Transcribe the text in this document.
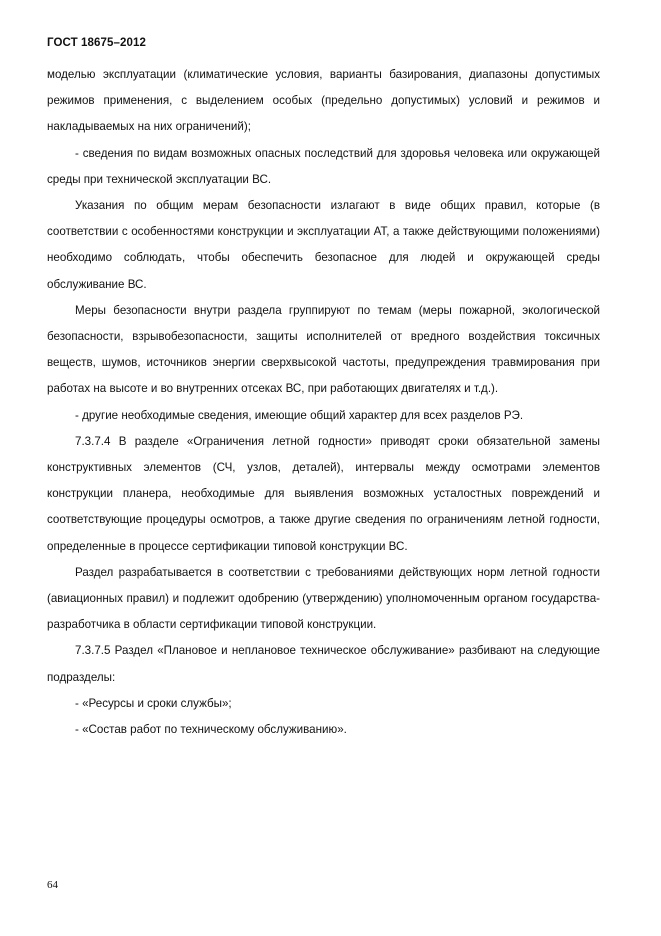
ГОСТ 18675–2012

моделью эксплуатации (климатические условия, варианты базирования, диапазоны допустимых режимов применения, с выделением особых (предельно допустимых) условий и режимов и накладываемых на них ограничений);

- сведения по видам возможных опасных последствий для здоровья человека или окружающей среды при технической эксплуатации ВС.

Указания по общим мерам безопасности излагают в виде общих правил, которые (в соответствии с особенностями конструкции и эксплуатации АТ, а также действующими положениями) необходимо соблюдать, чтобы обеспечить безопасное для людей и окружающей среды обслуживание ВС.

Меры безопасности внутри раздела группируют по темам (меры пожарной, экологической безопасности, взрывобезопасности, защиты исполнителей от вредного воздействия токсичных веществ, шумов, источников энергии сверхвысокой частоты, предупреждения травмирования при работах на высоте и во внутренних отсеках ВС, при работающих двигателях и т.д.).

- другие необходимые сведения, имеющие общий характер для всех разделов РЭ.

7.3.7.4 В разделе «Ограничения летной годности» приводят сроки обязательной замены конструктивных элементов (СЧ, узлов, деталей), интервалы между осмотрами элементов конструкции планера, необходимые для выявления возможных усталостных повреждений и соответствующие процедуры осмотров, а также другие сведения по ограничениям летной годности, определенные в процессе сертификации типовой конструкции ВС.

Раздел разрабатывается в соответствии с требованиями действующих норм летной годности (авиационных правил) и подлежит одобрению (утверждению) уполномоченным органом государства-разработчика в области сертификации типовой конструкции.

7.3.7.5 Раздел «Плановое и неплановое техническое обслуживание» разбивают на следующие подразделы:

- «Ресурсы и сроки службы»;

- «Состав работ по техническому обслуживанию».

64
